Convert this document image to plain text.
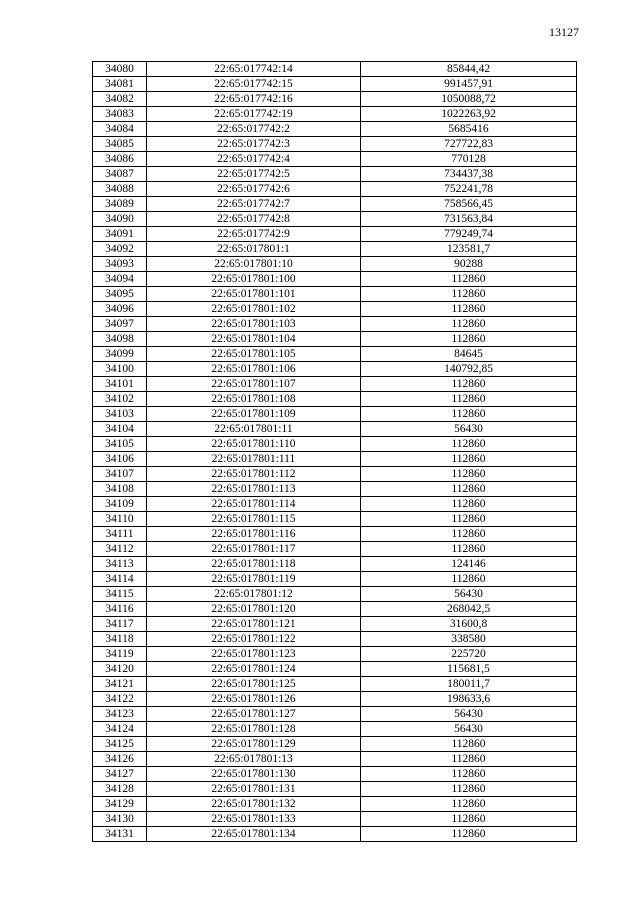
13127
34080	22:65:017742:14	85844,42
34081	22:65:017742:15	991457,91
34082	22:65:017742:16	1050088,72
34083	22:65:017742:19	1022263,92
34084	22:65:017742:2	5685416
34085	22:65:017742:3	727722,83
34086	22:65:017742:4	770128
34087	22:65:017742:5	734437,38
34088	22:65:017742:6	752241,78
34089	22:65:017742:7	758566,45
34090	22:65:017742:8	731563,84
34091	22:65:017742:9	779249,74
34092	22:65:017801:1	123581,7
34093	22:65:017801:10	90288
34094	22:65:017801:100	112860
34095	22:65:017801:101	112860
34096	22:65:017801:102	112860
34097	22:65:017801:103	112860
34098	22:65:017801:104	112860
34099	22:65:017801:105	84645
34100	22:65:017801:106	140792,85
34101	22:65:017801:107	112860
34102	22:65:017801:108	112860
34103	22:65:017801:109	112860
34104	22:65:017801:11	56430
34105	22:65:017801:110	112860
34106	22:65:017801:111	112860
34107	22:65:017801:112	112860
34108	22:65:017801:113	112860
34109	22:65:017801:114	112860
34110	22:65:017801:115	112860
34111	22:65:017801:116	112860
34112	22:65:017801:117	112860
34113	22:65:017801:118	124146
34114	22:65:017801:119	112860
34115	22:65:017801:12	56430
34116	22:65:017801:120	268042,5
34117	22:65:017801:121	31600,8
34118	22:65:017801:122	338580
34119	22:65:017801:123	225720
34120	22:65:017801:124	115681,5
34121	22:65:017801:125	180011,7
34122	22:65:017801:126	198633,6
34123	22:65:017801:127	56430
34124	22:65:017801:128	56430
34125	22:65:017801:129	112860
34126	22:65:017801:13	112860
34127	22:65:017801:130	112860
34128	22:65:017801:131	112860
34129	22:65:017801:132	112860
34130	22:65:017801:133	112860
34131	22:65:017801:134	112860
